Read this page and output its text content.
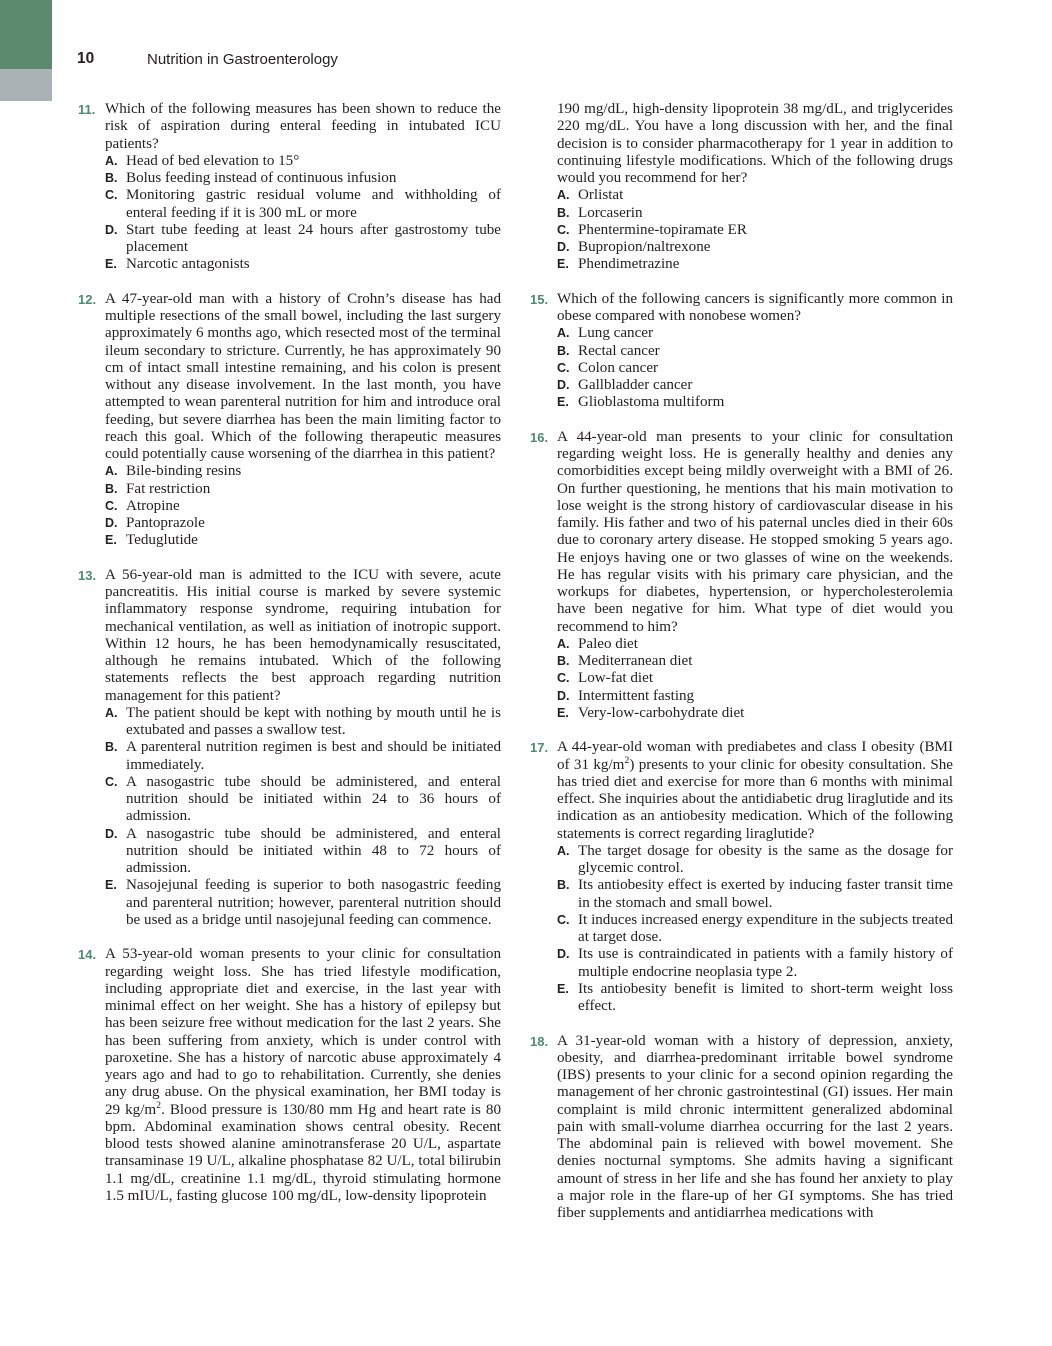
10	Nutrition in Gastroenterology
11. Which of the following measures has been shown to reduce the risk of aspiration during enteral feeding in intubated ICU patients?
A. Head of bed elevation to 15°
B. Bolus feeding instead of continuous infusion
C. Monitoring gastric residual volume and withholding of enteral feeding if it is 300 mL or more
D. Start tube feeding at least 24 hours after gastrostomy tube placement
E. Narcotic antagonists
12. A 47-year-old man with a history of Crohn’s disease has had multiple resections of the small bowel, including the last surgery approximately 6 months ago, which resected most of the terminal ileum secondary to stricture. Currently, he has approximately 90 cm of intact small intestine remaining, and his colon is present without any disease involvement. In the last month, you have attempted to wean parenteral nutrition for him and introduce oral feeding, but severe diarrhea has been the main limiting factor to reach this goal. Which of the following therapeutic measures could potentially cause worsening of the diarrhea in this patient?
A. Bile-binding resins
B. Fat restriction
C. Atropine
D. Pantoprazole
E. Teduglutide
13. A 56-year-old man is admitted to the ICU with severe, acute pancreatitis. His initial course is marked by severe systemic inflammatory response syndrome, requiring intubation for mechanical ventilation, as well as initiation of inotropic support. Within 12 hours, he has been hemodynamically resuscitated, although he remains intubated. Which of the following statements reflects the best approach regarding nutrition management for this patient?
A. The patient should be kept with nothing by mouth until he is extubated and passes a swallow test.
B. A parenteral nutrition regimen is best and should be initiated immediately.
C. A nasogastric tube should be administered, and enteral nutrition should be initiated within 24 to 36 hours of admission.
D. A nasogastric tube should be administered, and enteral nutrition should be initiated within 48 to 72 hours of admission.
E. Nasojejunal feeding is superior to both nasogastric feeding and parenteral nutrition; however, parenteral nutrition should be used as a bridge until nasojejunal feeding can commence.
14. A 53-year-old woman presents to your clinic for consultation regarding weight loss. She has tried lifestyle modification, including appropriate diet and exercise, in the last year with minimal effect on her weight. She has a history of epilepsy but has been seizure free without medication for the last 2 years. She has been suffering from anxiety, which is under control with paroxetine. She has a history of narcotic abuse approximately 4 years ago and had to go to rehabilitation. Currently, she denies any drug abuse. On the physical examination, her BMI today is 29 $kg/m^2$. Blood pressure is 130/80 mm Hg and heart rate is 80 bpm. Abdominal examination shows central obesity. Recent blood tests showed alanine aminotransferase 20 U/L, aspartate transaminase 19 U/L, alkaline phosphatase 82 U/L, total bilirubin 1.1 mg/dL, creatinine 1.1 mg/dL, thyroid stimulating hormone 1.5 mIU/L, fasting glucose 100 mg/dL, low-density lipoprotein
190 mg/dL, high-density lipoprotein 38 mg/dL, and triglycerides 220 mg/dL. You have a long discussion with her, and the final decision is to consider pharmacotherapy for 1 year in addition to continuing lifestyle modifications. Which of the following drugs would you recommend for her?
A. Orlistat
B. Lorcaserin
C. Phentermine-topiramate ER
D. Bupropion/naltrexone
E. Phendimetrazine
15. Which of the following cancers is significantly more common in obese compared with nonobese women?
A. Lung cancer
B. Rectal cancer
C. Colon cancer
D. Gallbladder cancer
E. Glioblastoma multiform
16. A 44-year-old man presents to your clinic for consultation regarding weight loss. He is generally healthy and denies any comorbidities except being mildly overweight with a BMI of 26. On further questioning, he mentions that his main motivation to lose weight is the strong history of cardiovascular disease in his family. His father and two of his paternal uncles died in their 60s due to coronary artery disease. He stopped smoking 5 years ago. He enjoys having one or two glasses of wine on the weekends. He has regular visits with his primary care physician, and the workups for diabetes, hypertension, or hypercholesterolemia have been negative for him. What type of diet would you recommend to him?
A. Paleo diet
B. Mediterranean diet
C. Low-fat diet
D. Intermittent fasting
E. Very-low-carbohydrate diet
17. A 44-year-old woman with prediabetes and class I obesity (BMI of 31 $kg/m^2$) presents to your clinic for obesity consultation. She has tried diet and exercise for more than 6 months with minimal effect. She inquiries about the antidiabetic drug liraglutide and its indication as an antiobesity medication. Which of the following statements is correct regarding liraglutide?
A. The target dosage for obesity is the same as the dosage for glycemic control.
B. Its antiobesity effect is exerted by inducing faster transit time in the stomach and small bowel.
C. It induces increased energy expenditure in the subjects treated at target dose.
D. Its use is contraindicated in patients with a family history of multiple endocrine neoplasia type 2.
E. Its antiobesity benefit is limited to short-term weight loss effect.
18. A 31-year-old woman with a history of depression, anxiety, obesity, and diarrhea-predominant irritable bowel syndrome (IBS) presents to your clinic for a second opinion regarding the management of her chronic gastrointestinal (GI) issues. Her main complaint is mild chronic intermittent generalized abdominal pain with small-volume diarrhea occurring for the last 2 years. The abdominal pain is relieved with bowel movement. She denies nocturnal symptoms. She admits having a significant amount of stress in her life and she has found her anxiety to play a major role in the flare-up of her GI symptoms. She has tried fiber supplements and antidiarrhea medications with
